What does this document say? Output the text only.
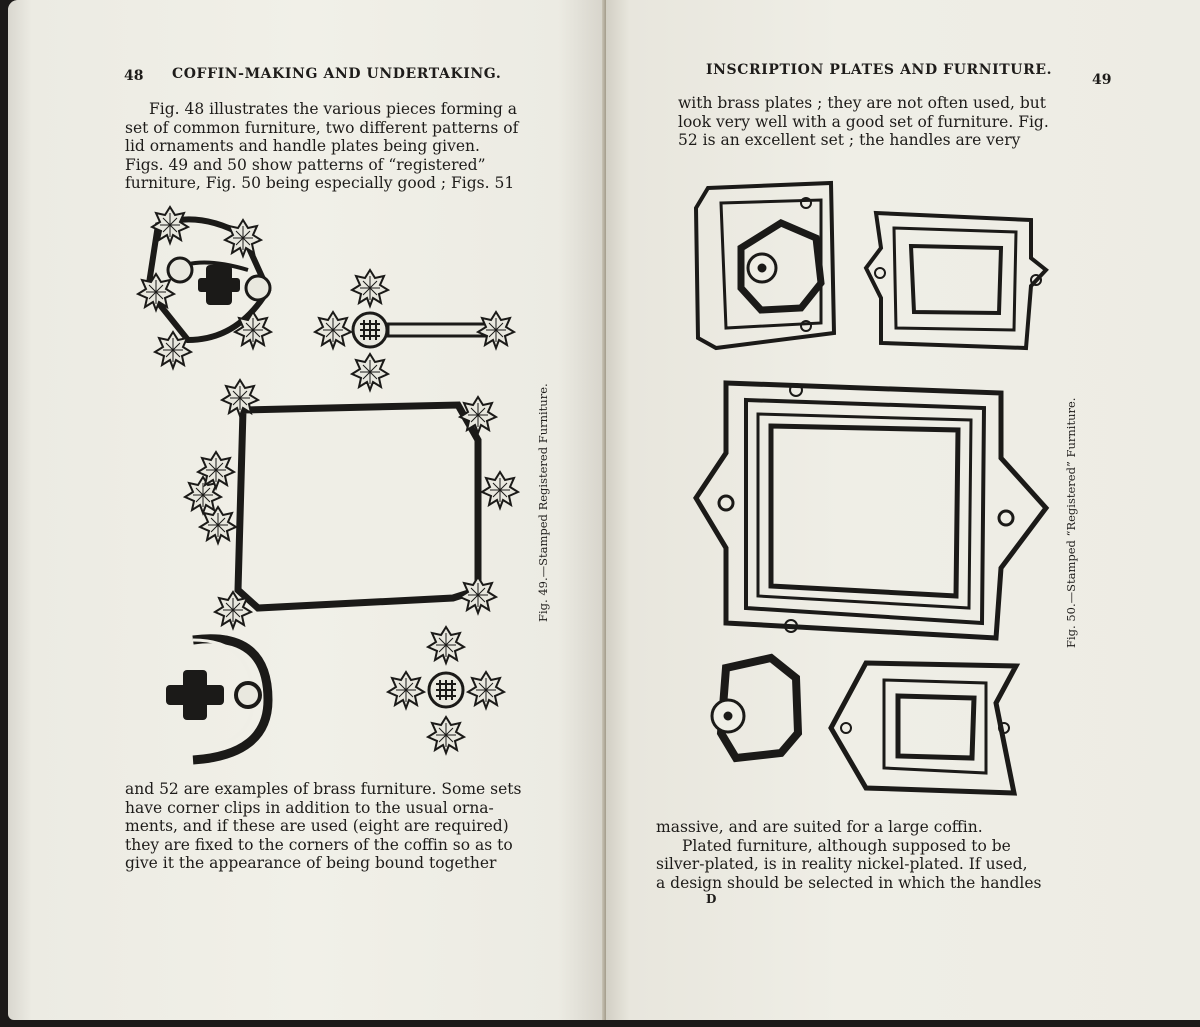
48 COFFIN-MAKING AND UNDERTAKING.
Fig. 48 illustrates the various pieces forming a
set of common furniture, two different patterns of
lid ornaments and handle plates being given.
Figs. 49 and 50 show patterns of “registered”
furniture, Fig. 50 being especially good ; Figs. 51
Fig. 49.—Stamped Registered Furniture.
and 52 are examples of brass furniture. Some sets
have corner clips in addition to the usual orna-
ments, and if these are used (eight are required)
they are fixed to the corners of the coffin so as to
give it the appearance of being bound together
INSCRIPTION PLATES AND FURNITURE.
49
with brass plates ; they are not often used, but
look very well with a good set of furniture. Fig.
52 is an excellent set ; the handles are very
Fig. 50.—Stamped “Registered” Furniture.
massive, and are suited for a large coffin.
Plated furniture, although supposed to be
silver-plated, is in reality nickel-plated. If used,
a design should be selected in which the handles
D
